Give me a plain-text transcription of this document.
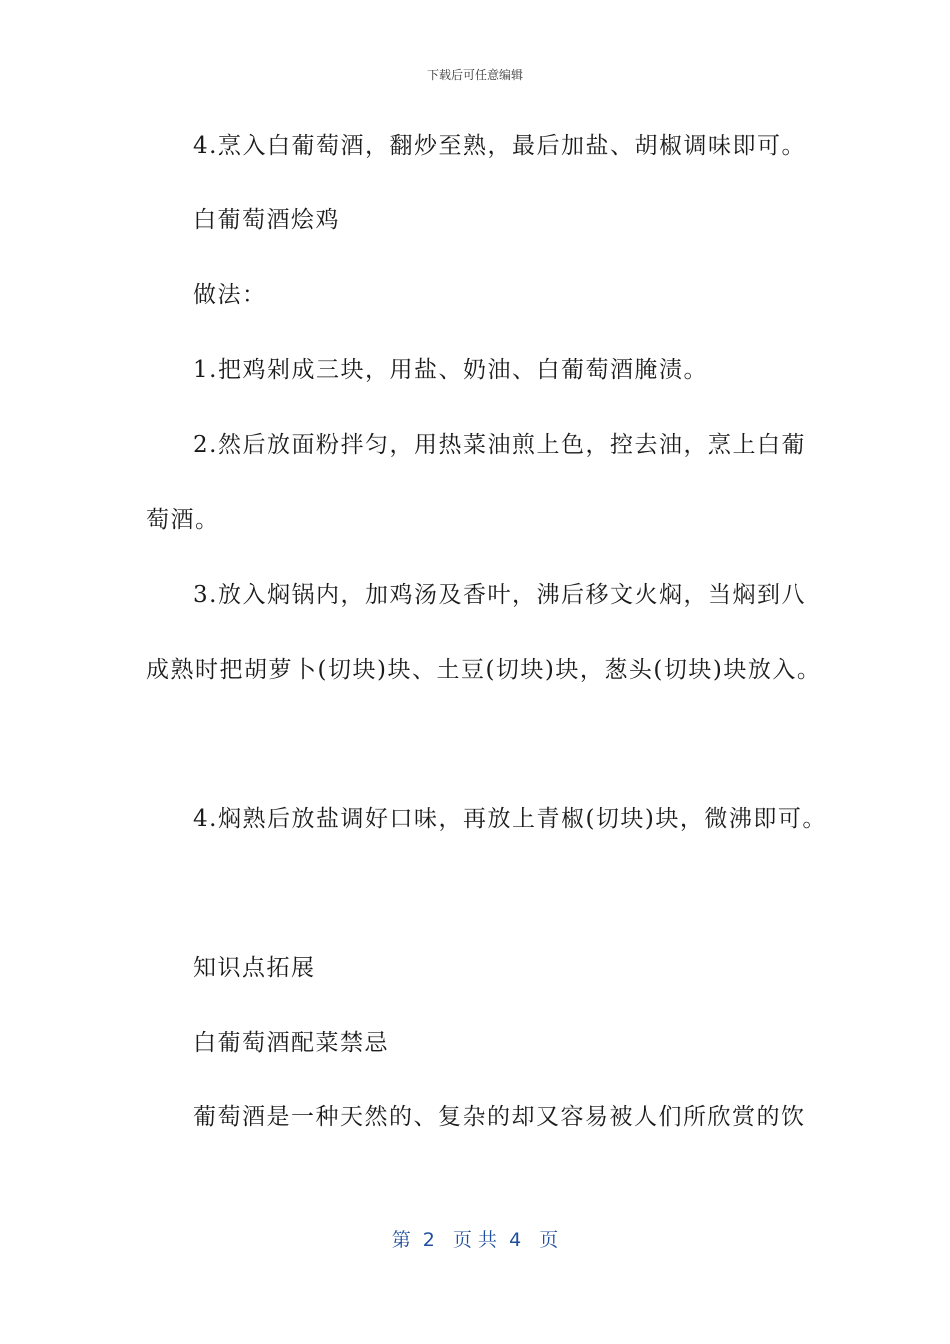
下载后可任意编辑
4.烹入白葡萄酒，翻炒至熟，最后加盐、胡椒调味即可。
白葡萄酒烩鸡
做法：
1.把鸡剁成三块，用盐、奶油、白葡萄酒腌渍。
2.然后放面粉拌匀，用热菜油煎上色，控去油，烹上白葡
萄酒。
3.放入焖锅内，加鸡汤及香叶，沸后移文火焖，当焖到八
成熟时把胡萝卜(切块)块、土豆(切块)块，葱头(切块)块放入。
4.焖熟后放盐调好口味，再放上青椒(切块)块，微沸即可。
知识点拓展
白葡萄酒配菜禁忌
葡萄酒是一种天然的、复杂的却又容易被人们所欣赏的饮
第  2   页 共  4   页
